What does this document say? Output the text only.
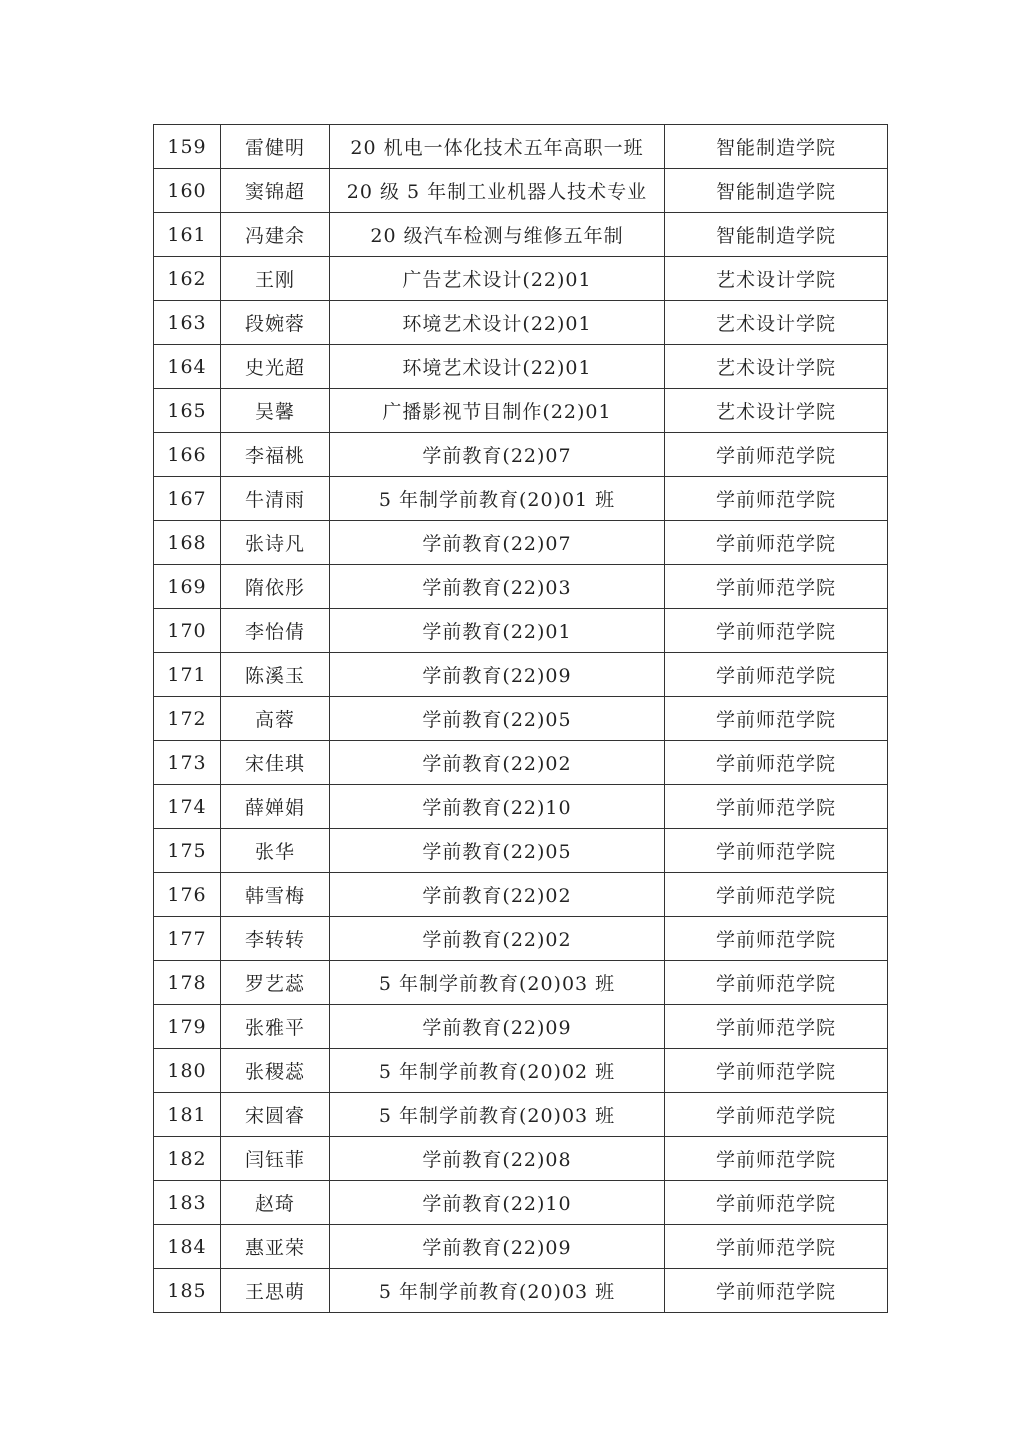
159	雷健明	20 机电一体化技术五年高职一班	智能制造学院
160	窦锦超	20 级 5 年制工业机器人技术专业	智能制造学院
161	冯建余	20 级汽车检测与维修五年制	智能制造学院
162	王刚	广告艺术设计(22)01	艺术设计学院
163	段婉蓉	环境艺术设计(22)01	艺术设计学院
164	史光超	环境艺术设计(22)01	艺术设计学院
165	吴馨	广播影视节目制作(22)01	艺术设计学院
166	李福桃	学前教育(22)07	学前师范学院
167	牛清雨	5 年制学前教育(20)01 班	学前师范学院
168	张诗凡	学前教育(22)07	学前师范学院
169	隋依彤	学前教育(22)03	学前师范学院
170	李怡倩	学前教育(22)01	学前师范学院
171	陈溪玉	学前教育(22)09	学前师范学院
172	高蓉	学前教育(22)05	学前师范学院
173	宋佳琪	学前教育(22)02	学前师范学院
174	薛婵娟	学前教育(22)10	学前师范学院
175	张华	学前教育(22)05	学前师范学院
176	韩雪梅	学前教育(22)02	学前师范学院
177	李转转	学前教育(22)02	学前师范学院
178	罗艺蕊	5 年制学前教育(20)03 班	学前师范学院
179	张雅平	学前教育(22)09	学前师范学院
180	张稷蕊	5 年制学前教育(20)02 班	学前师范学院
181	宋圆睿	5 年制学前教育(20)03 班	学前师范学院
182	闫钰菲	学前教育(22)08	学前师范学院
183	赵琦	学前教育(22)10	学前师范学院
184	惠亚荣	学前教育(22)09	学前师范学院
185	王思萌	5 年制学前教育(20)03 班	学前师范学院
